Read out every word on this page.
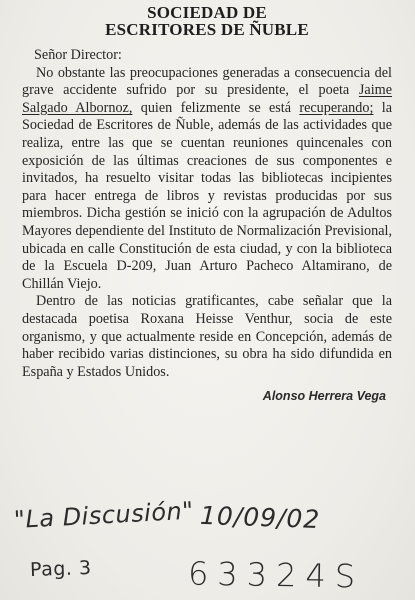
SOCIEDAD DE
ESCRITORES DE ÑUBLE
Señor Director:

No obstante las preocupaciones generadas a consecuencia del grave accidente sufrido por su presidente, el poeta Jaime Salgado Albornoz, quien felizmente se está recuperando; la Sociedad de Escritores de Ñuble, además de las actividades que realiza, entre las que se cuentan reuniones quincenales con exposición de las últimas creaciones de sus componentes e invitados, ha resuelto visitar todas las bibliotecas incipientes para hacer entrega de libros y revistas producidas por sus miembros. Dicha gestión se inició con la agrupación de Adultos Mayores dependiente del Instituto de Normalización Previsional, ubicada en calle Constitución de esta ciudad, y con la biblioteca de la Escuela D-209, Juan Arturo Pacheco Altamirano, de Chillán Viejo.

Dentro de las noticias gratificantes, cabe señalar que la destacada poetisa Roxana Heisse Venthur, socia de este organismo, y que actualmente reside en Concepción, además de haber recibido varias distinciones, su obra ha sido difundida en España y Estados Unidos.

Alonso Herrera Vega
"La Discusión" 10/09/02
Pag. 3	63324S
